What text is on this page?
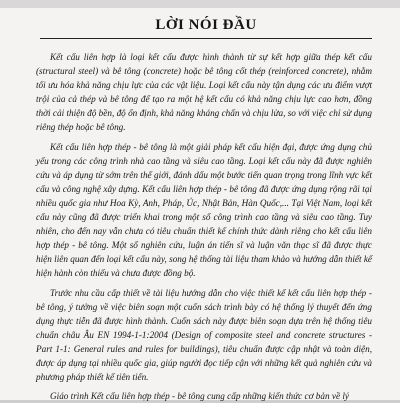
LỜI NÓI ĐẦU

Kết cấu liên hợp là loại kết cấu được hình thành từ sự kết hợp giữa thép kết cấu (structural steel) và bê tông (concrete) hoặc bê tông cốt thép (reinforced concrete), nhằm tối ưu hóa khả năng chịu lực của các vật liệu. Loại kết cấu này tận dụng các ưu điểm vượt trội của cả thép và bê tông để tạo ra một hệ kết cấu có khả năng chịu lực cao hơn, đồng thời cải thiện độ bền, độ ổn định, khả năng kháng chấn và chịu lửa, so với việc chỉ sử dụng riêng thép hoặc bê tông.

Kết cấu liên hợp thép - bê tông là một giải pháp kết cấu hiện đại, được ứng dụng chủ yếu trong các công trình nhà cao tầng và siêu cao tầng. Loại kết cấu này đã được nghiên cứu và áp dụng từ sớm trên thế giới, đánh dấu một bước tiến quan trọng trong lĩnh vực kết cấu và công nghệ xây dựng. Kết cấu liên hợp thép - bê tông đã được ứng dụng rộng rãi tại nhiều quốc gia như Hoa Kỳ, Anh, Pháp, Úc, Nhật Bản, Hàn Quốc,... Tại Việt Nam, loại kết cấu này cũng đã được triển khai trong một số công trình cao tầng và siêu cao tầng. Tuy nhiên, cho đến nay vẫn chưa có tiêu chuẩn thiết kế chính thức dành riêng cho kết cấu liên hợp thép - bê tông. Một số nghiên cứu, luận án tiến sĩ và luận văn thạc sĩ đã được thực hiện liên quan đến loại kết cấu này, song hệ thống tài liệu tham khảo và hướng dẫn thiết kế hiện hành còn thiếu và chưa được đồng bộ.

Trước nhu cầu cấp thiết về tài liệu hướng dẫn cho việc thiết kế kết cấu liên hợp thép - bê tông, ý tưởng về việc biên soạn một cuốn sách trình bày có hệ thống lý thuyết đến ứng dụng thực tiễn đã được hình thành. Cuốn sách này được biên soạn dựa trên hệ thống tiêu chuẩn châu Âu EN 1994-1-1:2004 (Design of composite steel and concrete structures - Part 1-1: General rules and rules for buildings), tiêu chuẩn được cập nhật và toàn diện, được áp dụng tại nhiều quốc gia, giúp người đọc tiếp cận với những kết quả nghiên cứu và phương pháp thiết kế tiên tiến.

Giáo trình Kết cấu liên hợp thép - bê tông cung cấp những kiến thức cơ bản về lý
